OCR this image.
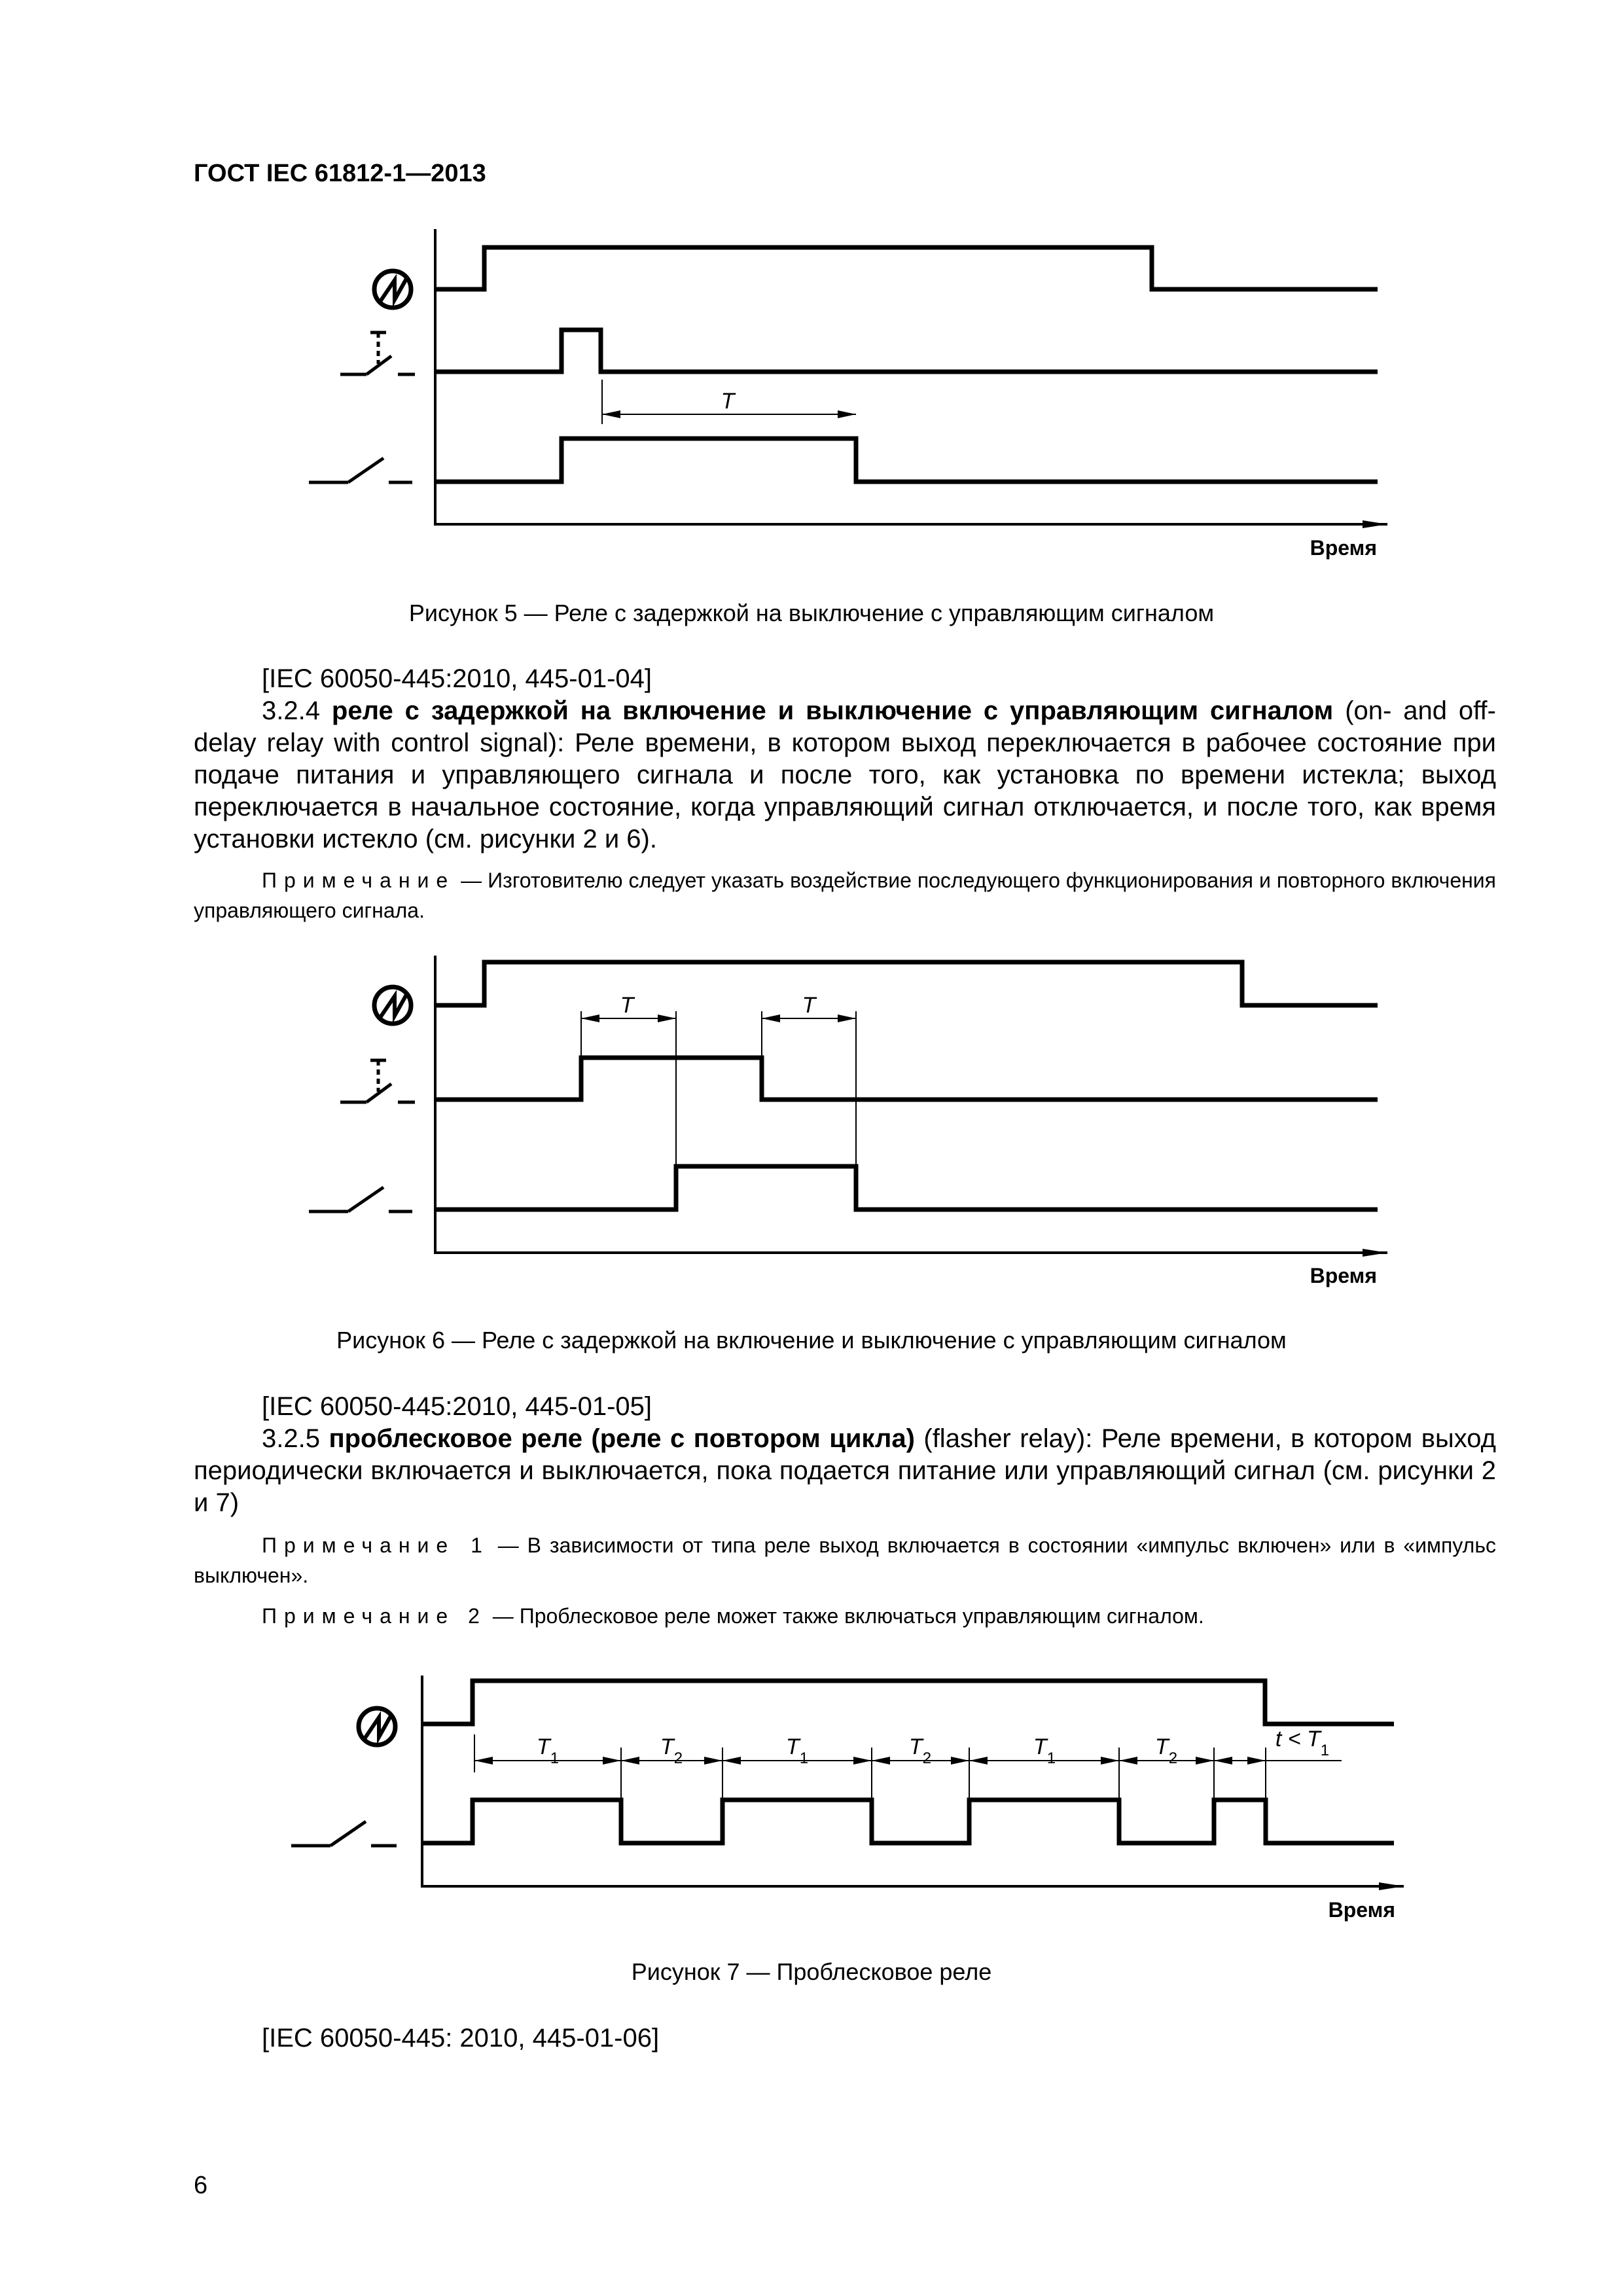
ГОСТ IEC 61812-1—2013
Время
T
Рисунок 5 — Реле с задержкой на выключение с управляющим сигналом
[IEC 60050-445:2010, 445-01-04]
3.2.4 реле с задержкой на включение и выключение с управляющим сигналом (on- and off-delay relay with control signal): Реле времени, в котором выход переключается в рабочее состояние при подаче питания и управляющего сигнала и после того, как установка по времени истекла; выход переключается в начальное состояние, когда управляющий сигнал отключается, и после того, как время установки истекло (см. рисунки 2 и 6).
Примечание — Изготовителю следует указать воздействие последующего функционирования и повторного включения управляющего сигнала.
Время
T	T
Рисунок 6 — Реле с задержкой на включение и выключение с управляющим сигналом
[IEC 60050-445:2010, 445-01-05]
3.2.5 проблесковое реле (реле с повтором цикла) (flasher relay): Реле времени, в котором выход периодически включается и выключается, пока подается питание или управляющий сигнал (см. рисунки 2 и 7)
Примечание 1 — В зависимости от типа реле выход включается в состоянии «импульс включен» или в «импульс выключен».
Примечание 2 — Проблесковое реле может также включаться управляющим сигналом.
Время
$T_1$	$T_2$	$T_1$	$T_2$	$T_1$	$T_2$
$t < T_1$
Рисунок 7 — Проблесковое реле
[IEC 60050-445: 2010, 445-01-06]
6
